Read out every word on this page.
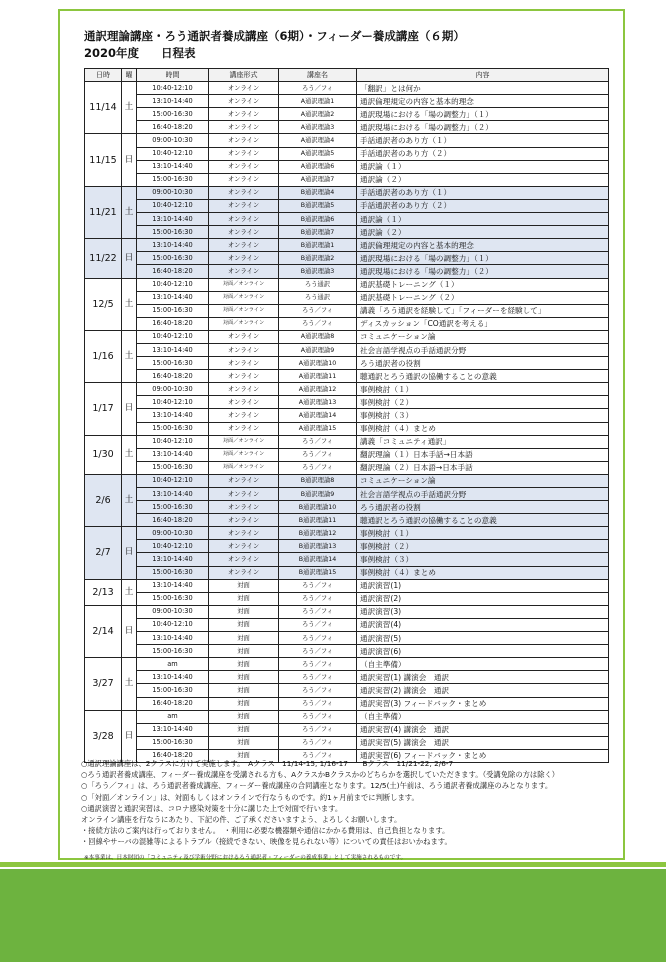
通訳理論講座・ろう通訳者養成講座（6期）・フィーダー養成講座（６期）
2020年度 日程表
日時	曜	時間	講座形式	講座名	内容
11/14	土	10:40-12:10	オンライン	ろう／フィ	「翻訳」とは何か
		13:10-14:40	オンライン	A通訳理論1	通訳倫理規定の内容と基本的理念
		15:00-16:30	オンライン	A通訳理論2	通訳現場における「場の調整力」（１）
		16:40-18:20	オンライン	A通訳理論3	通訳現場における「場の調整力」（２）
11/15	日	09:00-10:30	オンライン	A通訳理論4	手話通訳者のあり方（１）
		10:40-12:10	オンライン	A通訳理論5	手話通訳者のあり方（２）
		13:10-14:40	オンライン	A通訳理論6	通訳論（１）
		15:00-16:30	オンライン	A通訳理論7	通訳論（２）
11/21	土	09:00-10:30	オンライン	B通訳理論4	手話通訳者のあり方（１）
		10:40-12:10	オンライン	B通訳理論5	手話通訳者のあり方（２）
		13:10-14:40	オンライン	B通訳理論6	通訳論（１）
		15:00-16:30	オンライン	B通訳理論7	通訳論（２）
11/22	日	13:10-14:40	オンライン	B通訳理論1	通訳倫理規定の内容と基本的理念
		15:00-16:30	オンライン	B通訳理論2	通訳現場における「場の調整力」（１）
		16:40-18:20	オンライン	B通訳理論3	通訳現場における「場の調整力」（２）
12/5	土	10:40-12:10	対面／オンライン	ろう通訳	通訳基礎トレーニング（１）
		13:10-14:40	対面／オンライン	ろう通訳	通訳基礎トレーニング（２）
		15:00-16:30	対面／オンライン	ろう／フィ	講義「ろう通訳を経験して」「フィーダーを経験して」
		16:40-18:20	対面／オンライン	ろう／フィ	ディスカッション「CO通訳を考える」
1/16	土	10:40-12:10	オンライン	A通訳理論8	コミュニケーション論
		13:10-14:40	オンライン	A通訳理論9	社会言語学視点の手話通訳分野
		15:00-16:30	オンライン	A通訳理論10	ろう通訳者の役割
		16:40-18:20	オンライン	A通訳理論11	聴通訳とろう通訳の協働することの意義
1/17	日	09:00-10:30	オンライン	A通訳理論12	事例検討（１）
		10:40-12:10	オンライン	A通訳理論13	事例検討（２）
		13:10-14:40	オンライン	A通訳理論14	事例検討（３）
		15:00-16:30	オンライン	A通訳理論15	事例検討（４）まとめ
1/30	土	10:40-12:10	対面／オンライン	ろう／フィ	講義「コミュニティ通訳」
		13:10-14:40	対面／オンライン	ろう／フィ	翻訳理論（１）日本手話→日本語
		15:00-16:30	対面／オンライン	ろう／フィ	翻訳理論（２）日本語→日本手話
2/6	土	10:40-12:10	オンライン	B通訳理論8	コミュニケーション論
		13:10-14:40	オンライン	B通訳理論9	社会言語学視点の手話通訳分野
		15:00-16:30	オンライン	B通訳理論10	ろう通訳者の役割
		16:40-18:20	オンライン	B通訳理論11	聴通訳とろう通訳の協働することの意義
2/7	日	09:00-10:30	オンライン	B通訳理論12	事例検討（１）
		10:40-12:10	オンライン	B通訳理論13	事例検討（２）
		13:10-14:40	オンライン	B通訳理論14	事例検討（３）
		15:00-16:30	オンライン	B通訳理論15	事例検討（４）まとめ
2/13	土	13:10-14:40	対面	ろう／フィ	通訳演習(1)
		15:00-16:30	対面	ろう／フィ	通訳演習(2)
2/14	日	09:00-10:30	対面	ろう／フィ	通訳演習(3)
		10:40-12:10	対面	ろう／フィ	通訳演習(4)
		13:10-14:40	対面	ろう／フィ	通訳演習(5)
		15:00-16:30	対面	ろう／フィ	通訳演習(6)
3/27	土	am	対面	ろう／フィ	（自主準備）
		13:10-14:40	対面	ろう／フィ	通訳実習(1) 講演会　通訳
		15:00-16:30	対面	ろう／フィ	通訳実習(2) 講演会　通訳
		16:40-18:20	対面	ろう／フィ	通訳実習(3) フィードバック・まとめ
3/28	日	am	対面	ろう／フィ	（自主準備）
		13:10-14:40	対面	ろう／フィ	通訳実習(4) 講演会　通訳
		15:00-16:30	対面	ろう／フィ	通訳実習(5) 講演会　通訳
		16:40-18:20	対面	ろう／フィ	通訳実習(6) フィードバック・まとめ
○通訳理論講座は、2クラスに分けて実施します。　Aクラス　11/14-15, 1/16-17　　Bクラス　11/21-22, 2/6-7
○ろう通訳者養成講座、フィーダー養成講座を受講される方も、AクラスかBクラスかのどちらかを選択していただきます。（受講免除の方は除く）
○「ろう／フィ」は、ろう通訳者養成講座、フィーダー養成講座の合同講座となります。12/5(土)午前は、ろう通訳者養成講座のみとなります。
○「対面／オンライン」は、対面もしくはオンラインで行なうものです。約1ヶ月前までに判断します。
○通訳演習と通訳実習は、コロナ感染対策を十分に講じた上で対面で行います。
オンライン講座を行なうにあたり、下記の件、ご了承くださいますよう、よろしくお願いします。
・接続方法のご案内は行っておりません。　・利用に必要な機器類や通信にかかる費用は、自己負担となります。
・回線やサーバの混雑等によるトラブル（接続できない、映像を見られない等）についての責任はおいかねます。
※本事業は、日本財団の「コミュニティ及び学術分野におけるろう通訳者・フィーダーの養成事業」として実施されるものです。
